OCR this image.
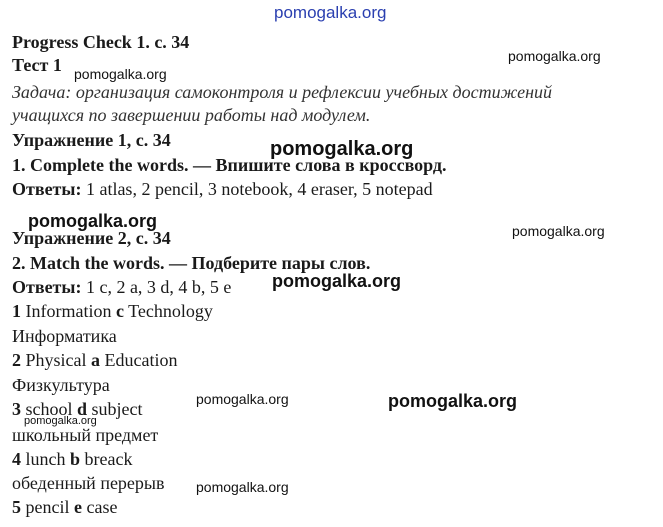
pomogalka.org
pomogalka.org
pomogalka.org
pomogalka.org
pomogalka.org	pomogalka.org
pomogalka.org
pomogalka.org	pomogalka.org
pomogalka.org
pomogalka.org
Progress Check 1. c. 34
Тест 1
Задача: организация самоконтроля и рефлексии учебных достижений
учащихся по завершении работы над модулем.
Упражнение 1, с. 34
1. Complete the words. — Впишите слова в кроссворд.
Ответы: 1 atlas, 2 pencil, 3 notebook, 4 eraser, 5 notepad
Упражнение 2, с. 34
2. Match the words. — Подберите пары слов.
Ответы: 1 c, 2 a, 3 d, 4 b, 5 e
1 Information c Technology
Информатика
2 Physical a Education
Физкультура
3 school d subject
школьный предмет
4 lunch b breack
обеденный перерыв
5 pencil e case
